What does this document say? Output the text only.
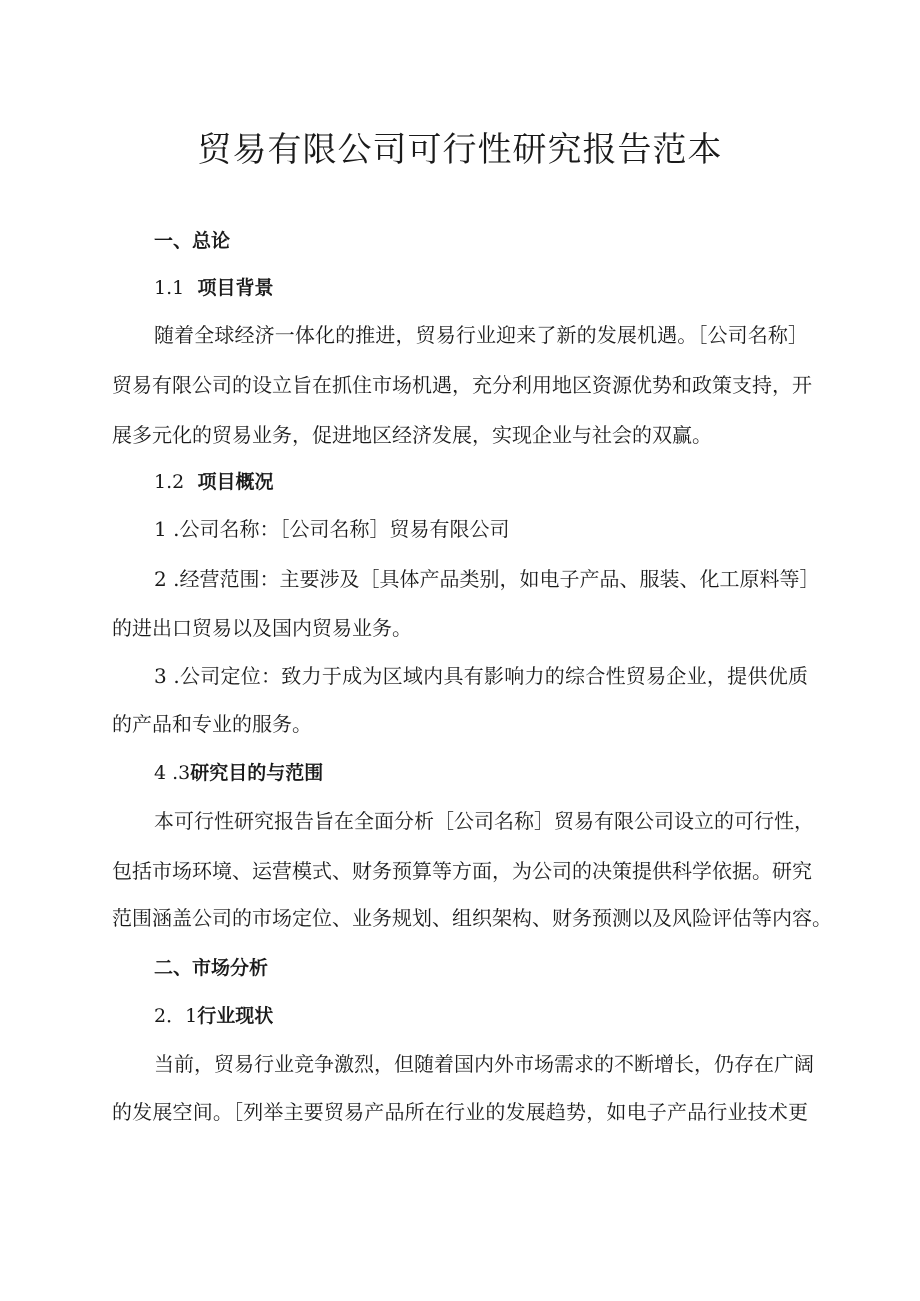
贸易有限公司可行性研究报告范本

一、总论

1.1 项目背景

随着全球经济一体化的推进，贸易行业迎来了新的发展机遇。［公司名称］

贸易有限公司的设立旨在抓住市场机遇，充分利用地区资源优势和政策支持，开

展多元化的贸易业务，促进地区经济发展，实现企业与社会的双赢。

1.2 项目概况

1 .公司名称：［公司名称］贸易有限公司

2 .经营范围：主要涉及［具体产品类别，如电子产品、服装、化工原料等］

的进出口贸易以及国内贸易业务。

3 .公司定位：致力于成为区域内具有影响力的综合性贸易企业，提供优质

的产品和专业的服务。

4 .3研究目的与范围

本可行性研究报告旨在全面分析［公司名称］贸易有限公司设立的可行性，

包括市场环境、运营模式、财务预算等方面，为公司的决策提供科学依据。研究

范围涵盖公司的市场定位、业务规划、组织架构、财务预测以及风险评估等内容。

二、市场分析

2．1行业现状

当前，贸易行业竞争激烈，但随着国内外市场需求的不断增长，仍存在广阔

的发展空间。［列举主要贸易产品所在行业的发展趋势，如电子产品行业技术更
